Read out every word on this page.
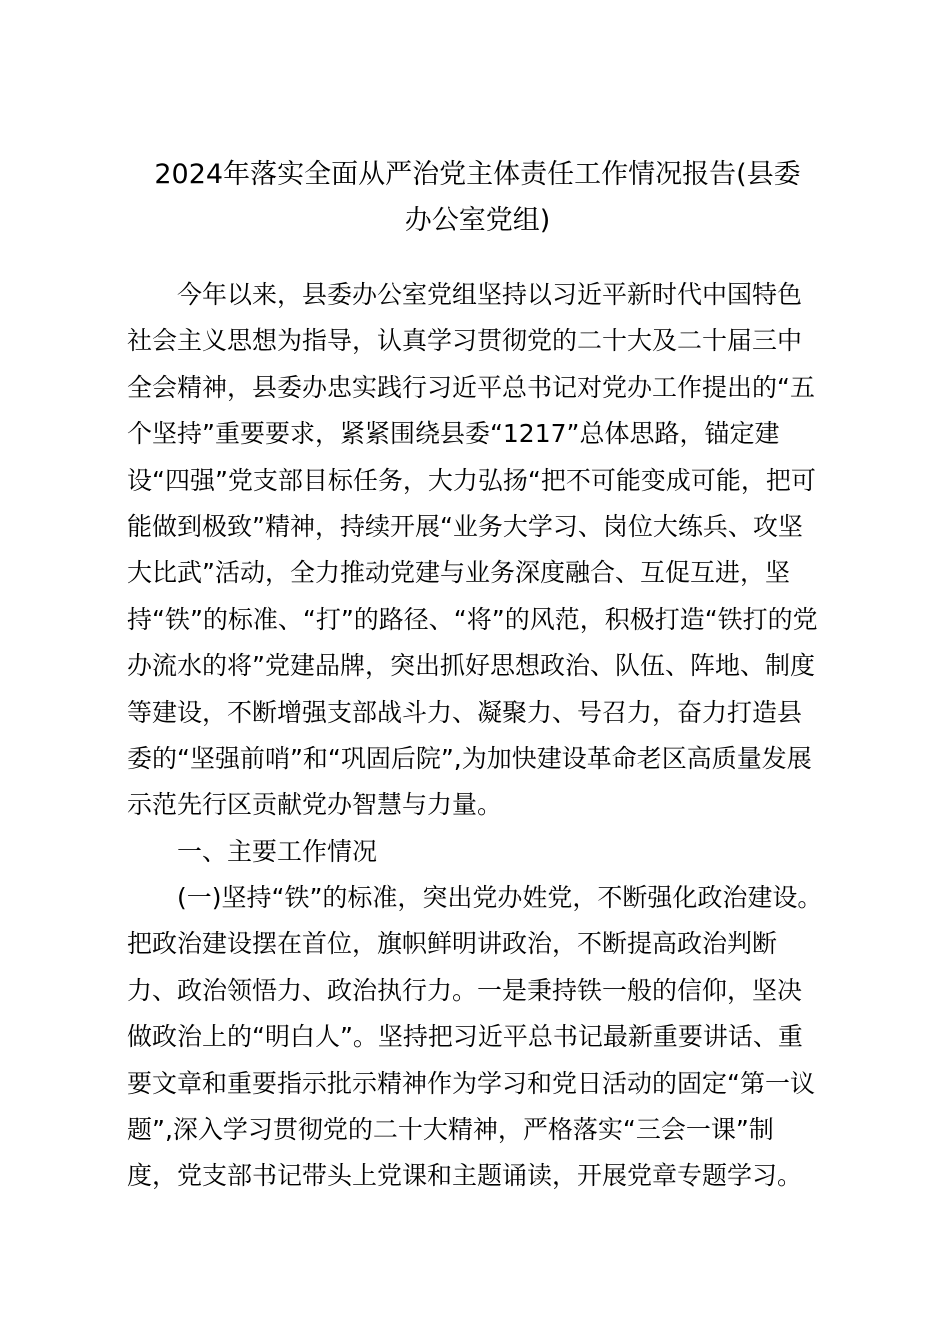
2024年落实全面从严治党主体责任工作情况报告(县委
办公室党组)
今年以来，县委办公室党组坚持以习近平新时代中国特色
社会主义思想为指导，认真学习贯彻党的二十大及二十届三中
全会精神，县委办忠实践行习近平总书记对党办工作提出的“五
个坚持”重要要求，紧紧围绕县委“1217”总体思路，锚定建
设“四强”党支部目标任务，大力弘扬“把不可能变成可能，把可
能做到极致”精神，持续开展“业务大学习、岗位大练兵、攻坚
大比武”活动，全力推动党建与业务深度融合、互促互进，坚
持“铁”的标准、“打”的路径、“将”的风范，积极打造“铁打的党
办流水的将”党建品牌，突出抓好思想政治、队伍、阵地、制度
等建设，不断增强支部战斗力、凝聚力、号召力，奋力打造县
委的“坚强前哨”和“巩固后院”,为加快建设革命老区高质量发展
示范先行区贡献党办智慧与力量。
一、主要工作情况
(一)坚持“铁”的标准，突出党办姓党，不断强化政治建设。
把政治建设摆在首位，旗帜鲜明讲政治，不断提高政治判断
力、政治领悟力、政治执行力。一是秉持铁一般的信仰，坚决
做政治上的“明白人”。坚持把习近平总书记最新重要讲话、重
要文章和重要指示批示精神作为学习和党日活动的固定“第一议
题”,深入学习贯彻党的二十大精神，严格落实“三会一课”制
度，党支部书记带头上党课和主题诵读，开展党章专题学习。
